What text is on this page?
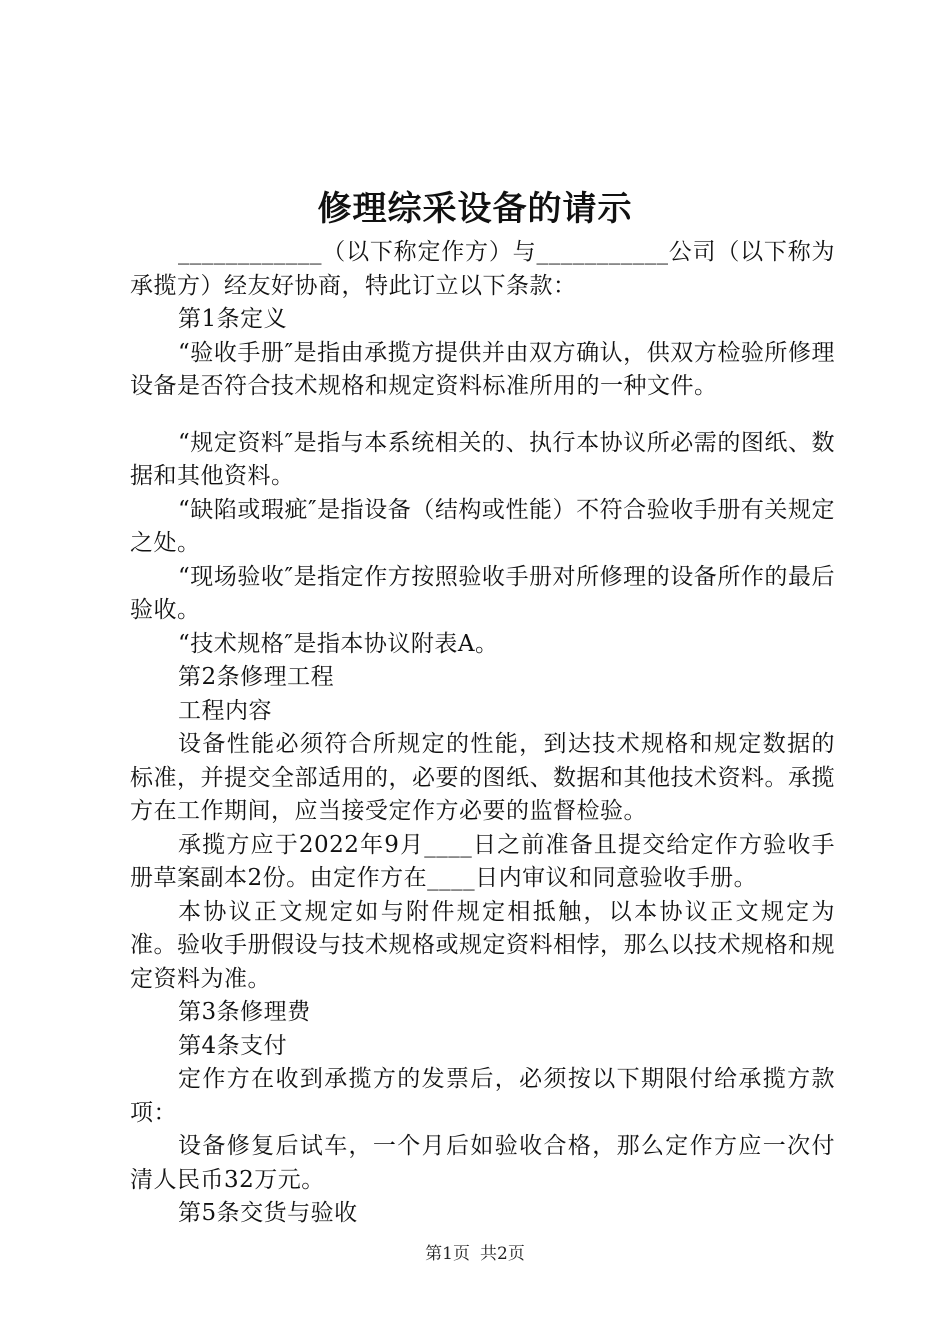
修理综采设备的请示

____________（以下称定作方）与___________公司（以下称为承揽方）经友好协商，特此订立以下条款：

第1条定义

“验收手册″是指由承揽方提供并由双方确认，供双方检验所修理设备是否符合技术规格和规定资料标准所用的一种文件。

“规定资料″是指与本系统相关的、执行本协议所必需的图纸、数据和其他资料。

“缺陷或瑕疵″是指设备（结构或性能）不符合验收手册有关规定之处。

“现场验收″是指定作方按照验收手册对所修理的设备所作的最后验收。

“技术规格″是指本协议附表A。

第2条修理工程

工程内容

设备性能必须符合所规定的性能，到达技术规格和规定数据的标准，并提交全部适用的，必要的图纸、数据和其他技术资料。承揽方在工作期间，应当接受定作方必要的监督检验。

承揽方应于2022年9月____日之前准备且提交给定作方验收手册草案副本2份。由定作方在____日内审议和同意验收手册。

本协议正文规定如与附件规定相抵触，以本协议正文规定为准。验收手册假设与技术规格或规定资料相悖，那么以技术规格和规定资料为准。

第3条修理费

第4条支付

定作方在收到承揽方的发票后，必须按以下期限付给承揽方款项：

设备修复后试车，一个月后如验收合格，那么定作方应一次付清人民币32万元。

第5条交货与验收

第1页 共2页
